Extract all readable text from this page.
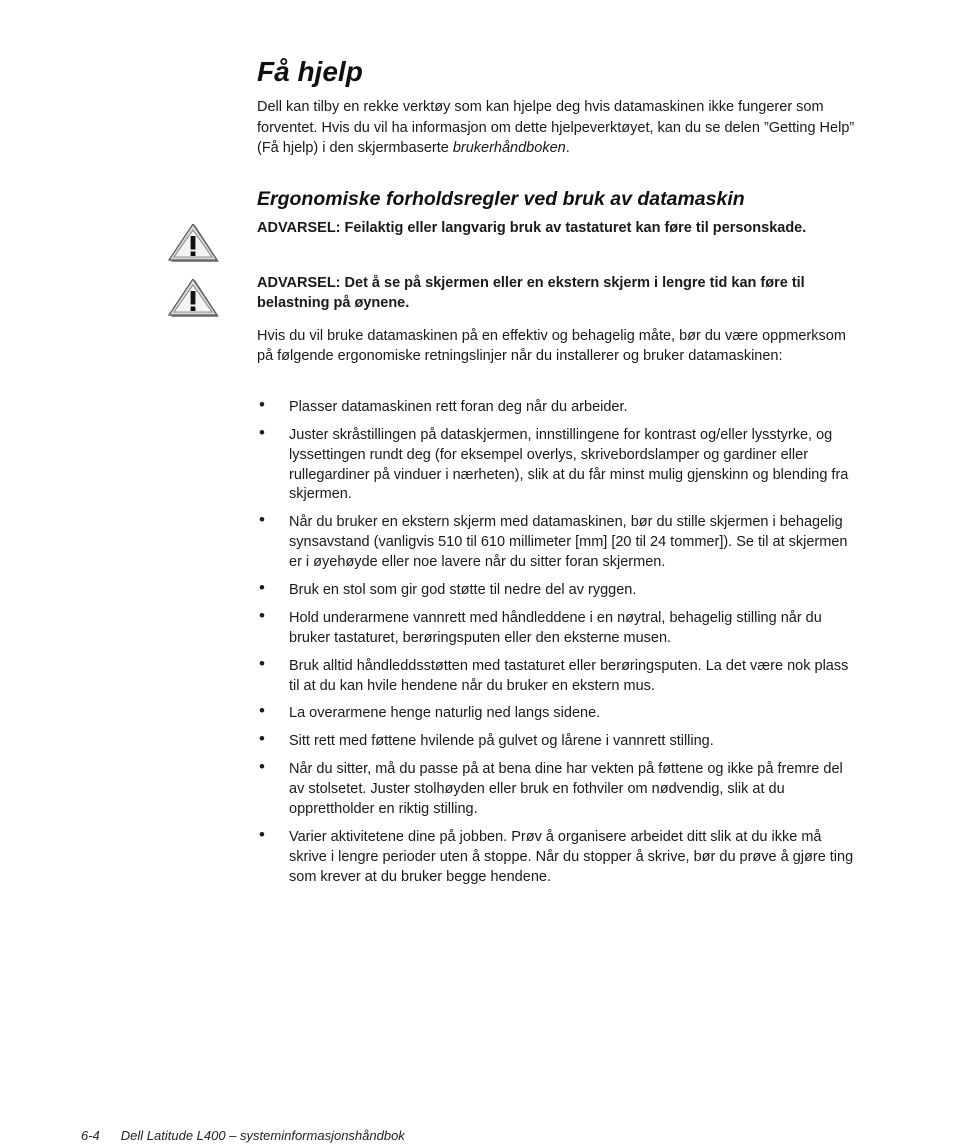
Få hjelp

Dell kan tilby en rekke verktøy som kan hjelpe deg hvis datamaskinen ikke fungerer som forventet. Hvis du vil ha informasjon om dette hjelpeverktøyet, kan du se delen ”Getting Help” (Få hjelp) i den skjermbaserte brukerhåndboken.

Ergonomiske forholdsregler ved bruk av datamaskin

ADVARSEL: Feilaktig eller langvarig bruk av tastaturet kan føre til personskade.

ADVARSEL: Det å se på skjermen eller en ekstern skjerm i lengre tid kan føre til belastning på øynene.

Hvis du vil bruke datamaskinen på en effektiv og behagelig måte, bør du være oppmerksom på følgende ergonomiske retningslinjer når du installerer og bruker datamaskinen:

• Plasser datamaskinen rett foran deg når du arbeider.
• Juster skråstillingen på dataskjermen, innstillingene for kontrast og/eller lysstyrke, og lyssettingen rundt deg (for eksempel overlys, skrivebordslamper og gardiner eller rullegardiner på vinduer i nærheten), slik at du får minst mulig gjenskinn og blending fra skjermen.
• Når du bruker en ekstern skjerm med datamaskinen, bør du stille skjermen i behagelig synsavstand (vanligvis 510 til 610 millimeter [mm] [20 til 24 tommer]). Se til at skjermen er i øyehøyde eller noe lavere når du sitter foran skjermen.
• Bruk en stol som gir god støtte til nedre del av ryggen.
• Hold underarmene vannrett med håndleddene i en nøytral, behagelig stilling når du bruker tastaturet, berøringsputen eller den eksterne musen.
• Bruk alltid håndleddsstøtten med tastaturet eller berøringsputen. La det være nok plass til at du kan hvile hendene når du bruker en ekstern mus.
• La overarmene henge naturlig ned langs sidene.
• Sitt rett med føttene hvilende på gulvet og lårene i vannrett stilling.
• Når du sitter, må du passe på at bena dine har vekten på føttene og ikke på fremre del av stolsetet. Juster stolhøyden eller bruk en fothviler om nødvendig, slik at du opprettholder en riktig stilling.
• Varier aktivitetene dine på jobben. Prøv å organisere arbeidet ditt slik at du ikke må skrive i lengre perioder uten å stoppe. Når du stopper å skrive, bør du prøve å gjøre ting som krever at du bruker begge hendene.
6-4 Dell Latitude L400 – systeminformasjonshåndbok
